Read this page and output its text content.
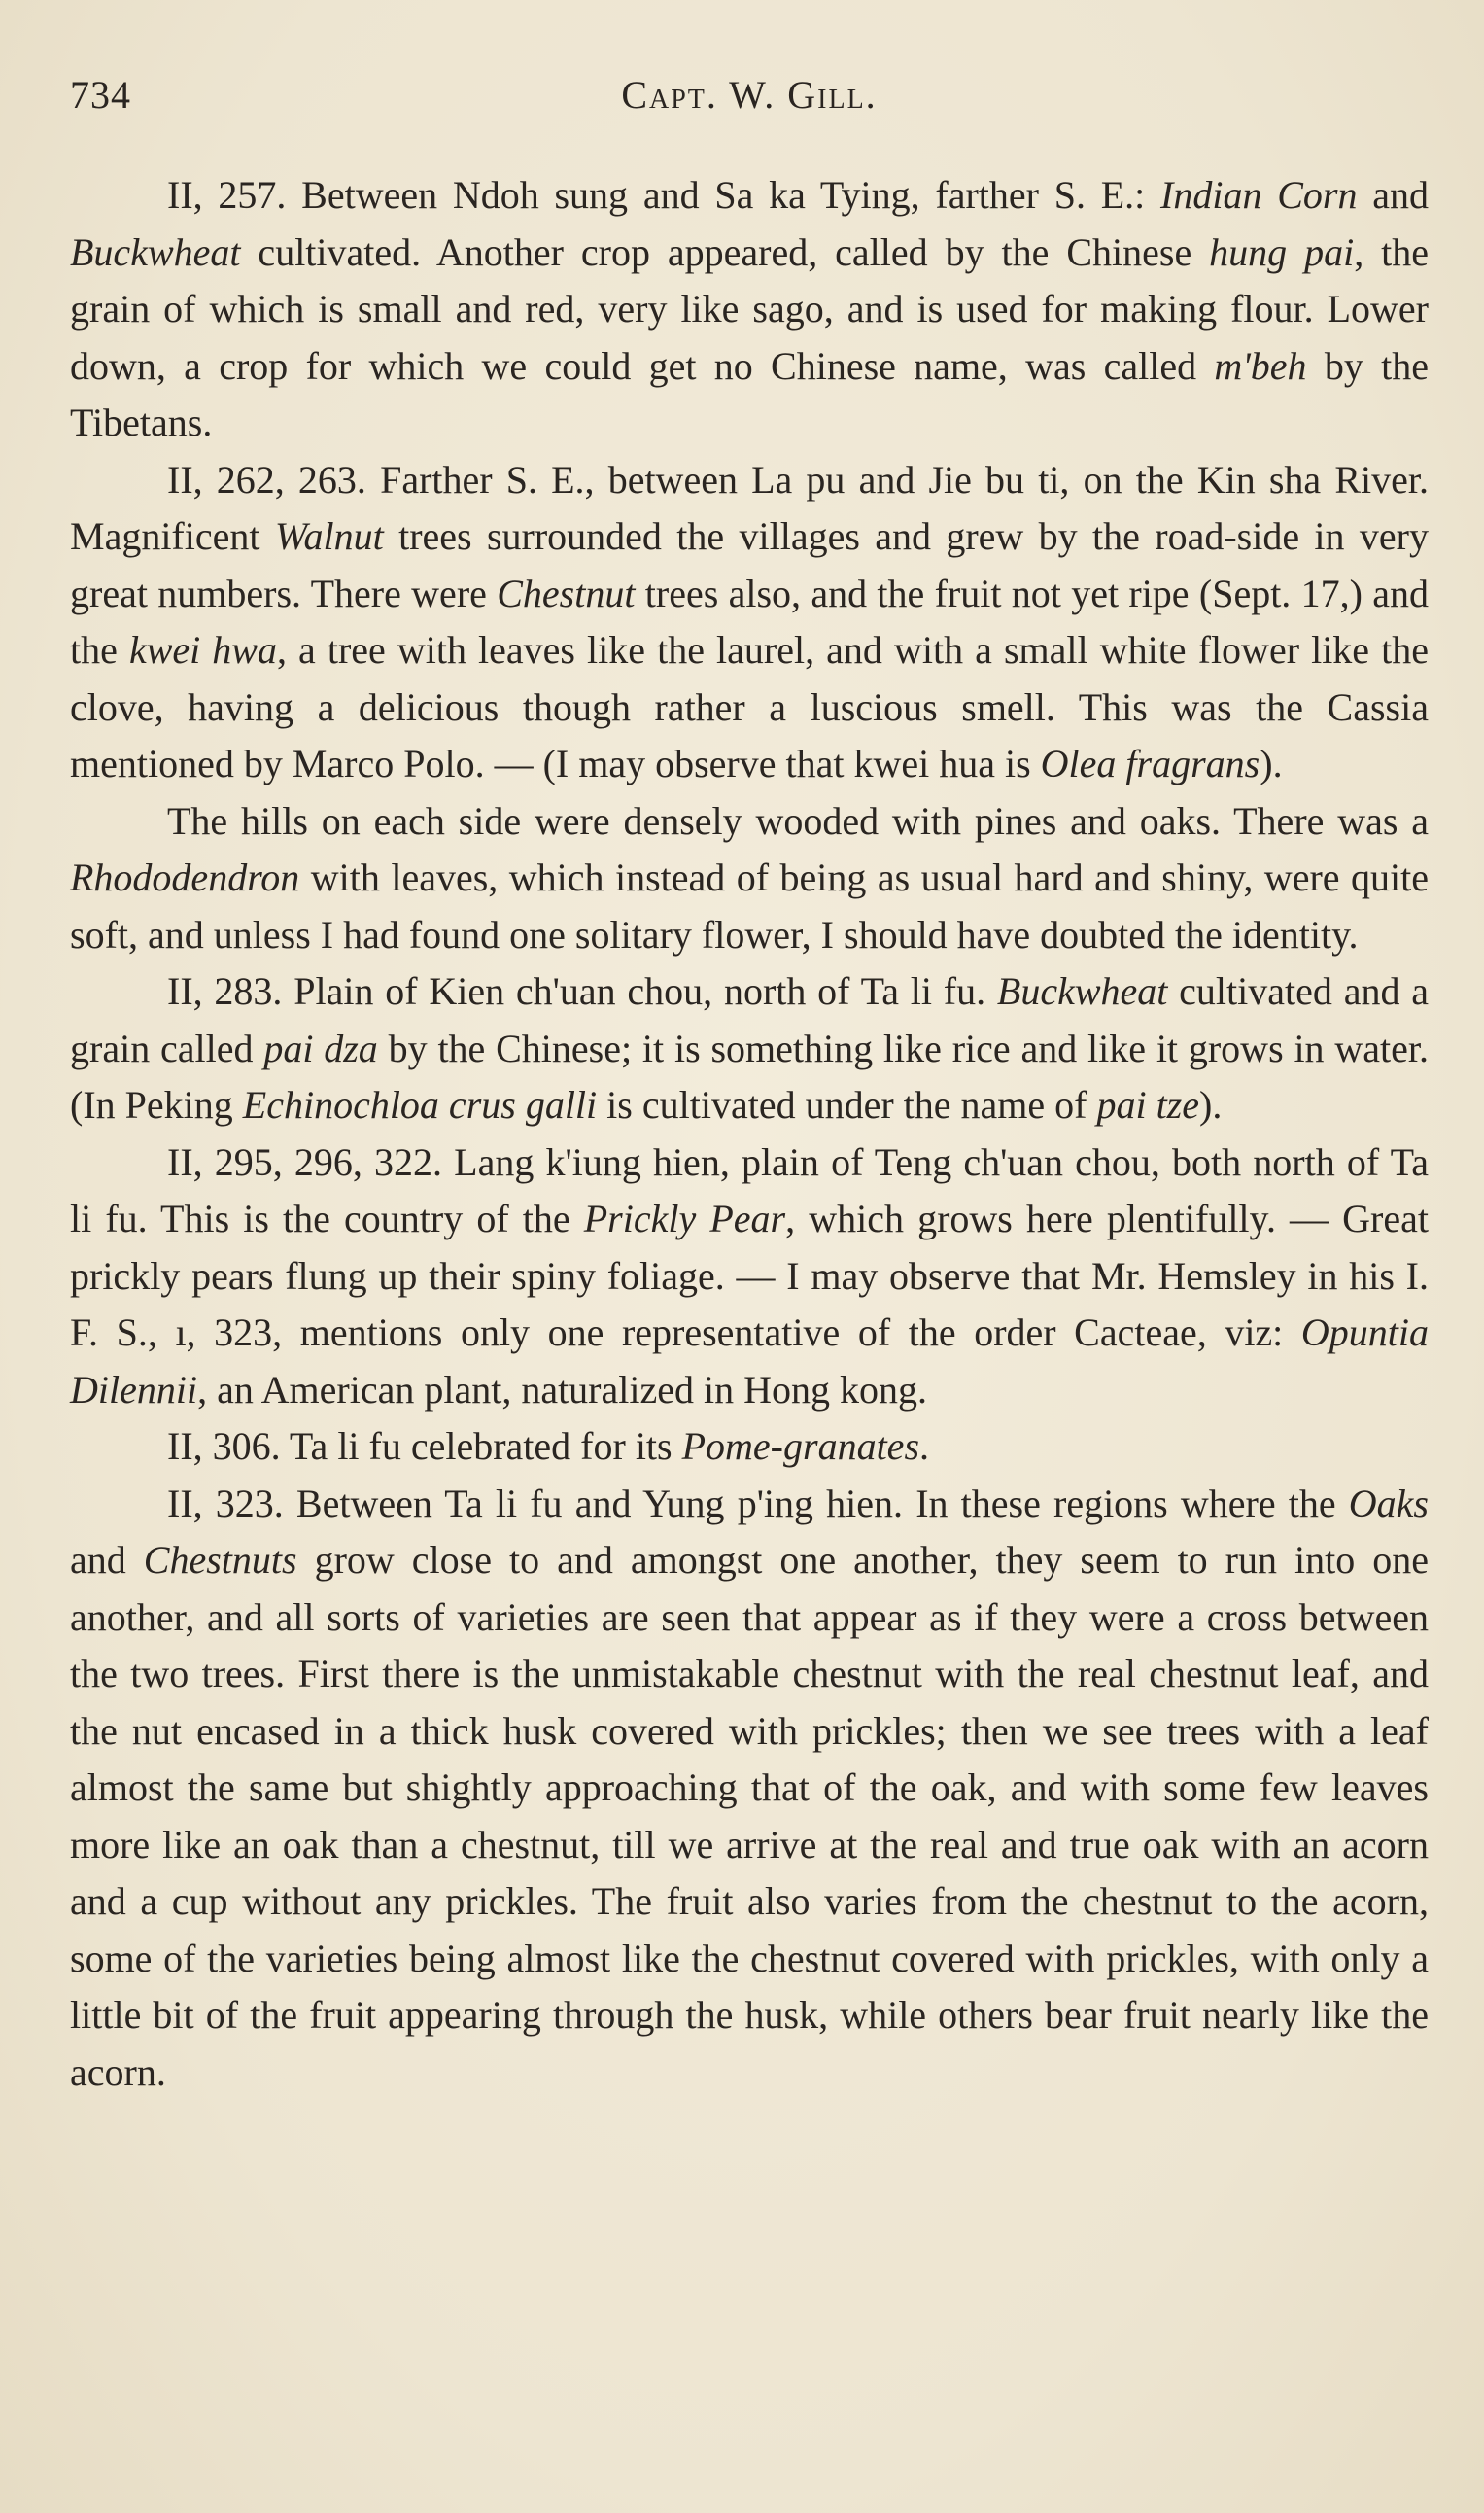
734	Capt. W. Gill.

II, 257. Between Ndoh sung and Sa ka Tying, farther S. E.: Indian Corn and Buckwheat cultivated. Another crop appeared, called by the Chinese hung pai, the grain of which is small and red, very like sago, and is used for making flour. Lower down, a crop for which we could get no Chinese name, was called m'beh by the Tibetans.

II, 262, 263. Farther S. E., between La pu and Jie bu ti, on the Kin sha River. Magnificent Walnut trees surrounded the villages and grew by the road-side in very great numbers. There were Chestnut trees also, and the fruit not yet ripe (Sept. 17,) and the kwei hwa, a tree with leaves like the laurel, and with a small white flower like the clove, having a delicious though rather a luscious smell. This was the Cassia mentioned by Marco Polo. — (I may observe that kwei hua is Olea fragrans).

The hills on each side were densely wooded with pines and oaks. There was a Rhododendron with leaves, which instead of being as usual hard and shiny, were quite soft, and unless I had found one solitary flower, I should have doubted the identity.

II, 283. Plain of Kien ch'uan chou, north of Ta li fu. Buckwheat cultivated and a grain called pai dza by the Chinese; it is something like rice and like it grows in water. (In Peking Echinochloa crus galli is cultivated under the name of pai tze).

II, 295, 296, 322. Lang k'iung hien, plain of Teng ch'uan chou, both north of Ta li fu. This is the country of the Prickly Pear, which grows here plentifully. — Great prickly pears flung up their spiny foliage. — I may observe that Mr. Hemsley in his I. F. S., ı, 323, mentions only one representative of the order Cacteae, viz: Opuntia Dilennii, an American plant, naturalized in Hong kong.

II, 306. Ta li fu celebrated for its Pome-granates.

II, 323. Between Ta li fu and Yung p'ing hien. In these regions where the Oaks and Chestnuts grow close to and amongst one another, they seem to run into one another, and all sorts of varieties are seen that appear as if they were a cross between the two trees. First there is the unmistakable chestnut with the real chestnut leaf, and the nut encased in a thick husk covered with prickles; then we see trees with a leaf almost the same but shightly approaching that of the oak, and with some few leaves more like an oak than a chestnut, till we arrive at the real and true oak with an acorn and a cup without any prickles. The fruit also varies from the chestnut to the acorn, some of the varieties being almost like the chestnut covered with prickles, with only a little bit of the fruit appearing through the husk, while others bear fruit nearly like the acorn.
